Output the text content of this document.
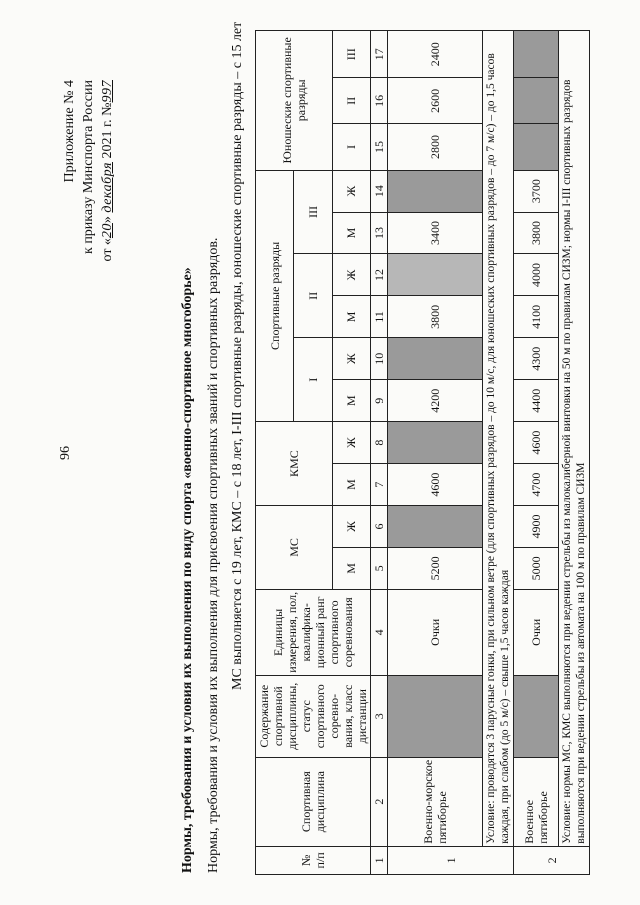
96
Приложение № 4 к приказу Минспорта России от «20» декабря 2021 г. №997
Нормы, требования и условия их выполнения по виду спорта «военно-спортивное многоборье» Нормы, требования и условия их выполнения для присвоения спортивных званий и спортивных разрядов. МС выполняется с 19 лет, КМС – с 18 лет, I-III спортивные разряды, юношеские спортивные разряды – с 15 лет
№ п/п	Спортивная дисциплина	Содержание спортивной дисциплины, статус спортивного соревно-вания, класс дистанции	Единицы измерения, пол, квалифика-ционный ранг спортивного соревнования	МС		КМС		Спортивные разряды						Юношеские спортивные разряды		
								I		II		III				
				М	Ж	М	Ж	М	Ж	М	Ж	М	Ж	I	II	III
1	2	3	4	5	6	7	8	9	10	11	12	13	14	15	16	17
1	Военно-морское пятиборье		Очки	5200		4600		4200		3800		3400		2800	2600	2400
	Условие: проводятся 3 парусные гонки, при сильном ветре (для спортивных разрядов – до 10 м/с, для юношеских спортивных разрядов – до 7 м/с) – до 1,5 часов каждая, при слабом (до 5 м/с) – свыше 1,5 часов каждая															
2	Военное пятиборье		Очки	5000	4900	4700	4600	4400	4300	4100	4000	3800	3700			
	Условие: нормы МС, КМС выполняются при ведении стрельбы из малокалиберной винтовки на 50 м по правилам СИЗМ; нормы I-III спортивных разрядов выполняются при ведении стрельбы из автомата на 100 м по правилам СИЗМ															
